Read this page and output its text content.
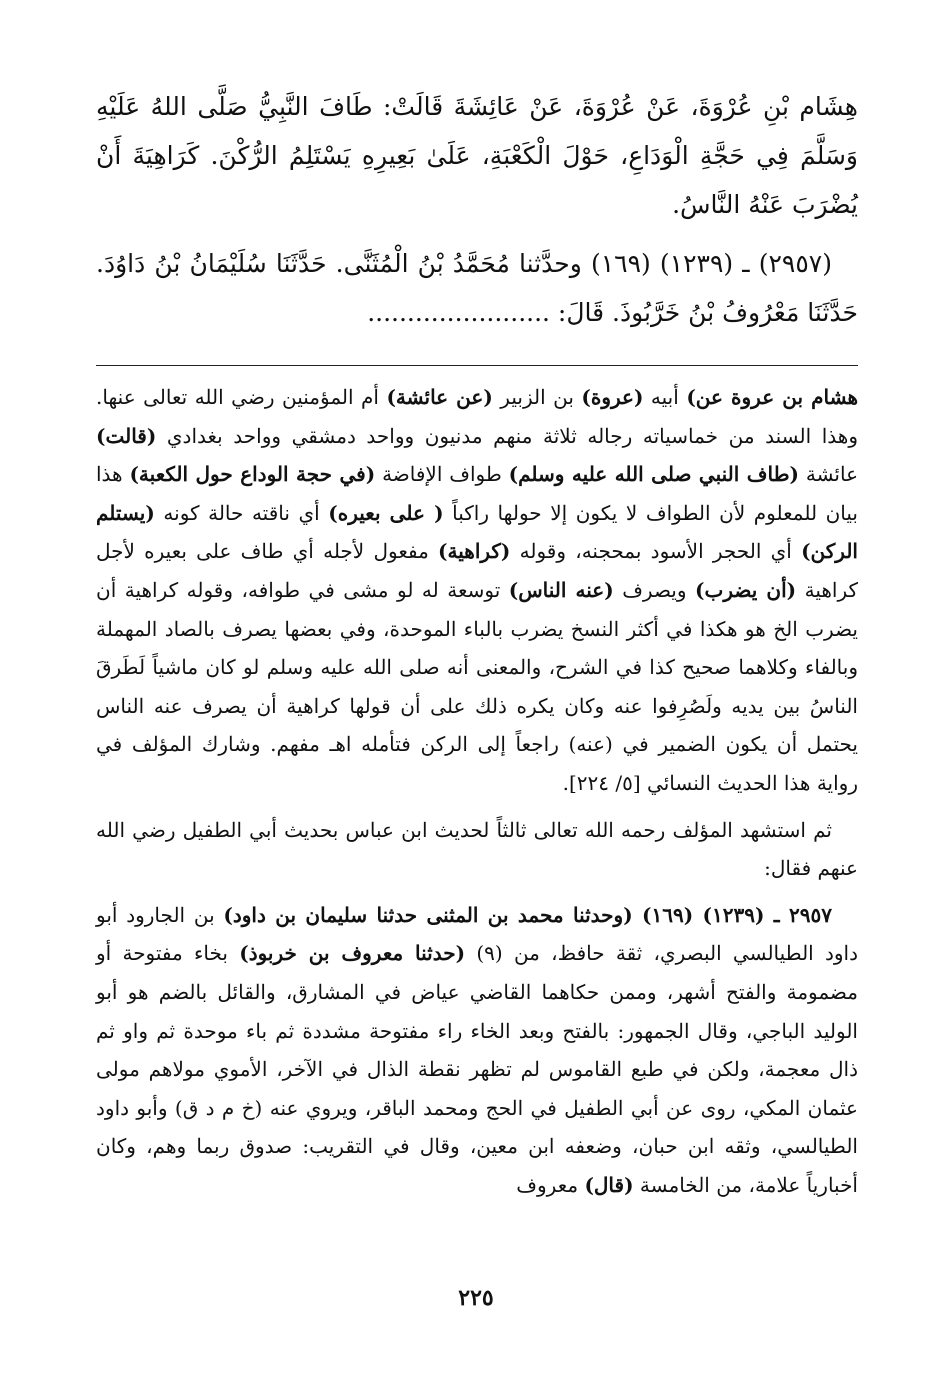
هِشَام بْنِ عُرْوَةَ، عَنْ عُرْوَةَ، عَنْ عَائِشَةَ قَالَتْ: طَافَ النَّبِيُّ صَلَّى اللهُ عَلَيْهِ وَسَلَّمَ فِي حَجَّةِ الْوَدَاعِ، حَوْلَ الْكَعْبَةِ، عَلَىٰ بَعِيرِهِ يَسْتَلِمُ الرُّكْنَ. كَرَاهِيَةَ أَنْ يُضْرَبَ عَنْهُ النَّاسُ.

(٢٩٥٧) ـ (١٢٣٩) (١٦٩) وحدَّثنا مُحَمَّدُ بْنُ الْمُثَنَّى. حَدَّثَنَا سُلَيْمَانُ بْنُ دَاوُدَ. حَدَّثَنَا مَعْرُوفُ بْنُ خَرَّبُوذَ. قَالَ: .......................

هشام بن عروة عن) أبيه (عروة) بن الزبير (عن عائشة) أم المؤمنين رضي الله تعالى عنها. وهذا السند من خماسياته رجاله ثلاثة منهم مدنيون وواحد دمشقي وواحد بغدادي (قالت) عائشة (طاف النبي صلى الله عليه وسلم) طواف الإفاضة (في حجة الوداع حول الكعبة) هذا بيان للمعلوم لأن الطواف لا يكون إلا حولها راكباً ( على بعيره) أي ناقته حالة كونه (يستلم الركن) أي الحجر الأسود بمحجنه، وقوله (كراهية) مفعول لأجله أي طاف على بعيره لأجل كراهية (أن يضرب) ويصرف (عنه الناس) توسعة له لو مشى في طوافه، وقوله كراهية أن يضرب الخ هو هكذا في أكثر النسخ يضرب بالباء الموحدة، وفي بعضها يصرف بالصاد المهملة وبالفاء وكلاهما صحيح كذا في الشرح، والمعنى أنه صلى الله عليه وسلم لو كان ماشياً لَطَرقَ الناسُ بين يديه ولَصُرِفوا عنه وكان يكره ذلك على أن قولها كراهية أن يصرف عنه الناس يحتمل أن يكون الضمير في (عنه) راجعاً إلى الركن فتأمله اهـ مفهم. وشارك المؤلف في رواية هذا الحديث النسائي [٥/ ٢٢٤].

ثم استشهد المؤلف رحمه الله تعالى ثالثاً لحديث ابن عباس بحديث أبي الطفيل رضي الله عنهم فقال:

٢٩٥٧ ـ (١٢٣٩) (١٦٩) (وحدثنا محمد بن المثنى حدثنا سليمان بن داود) بن الجارود أبو داود الطيالسي البصري، ثقة حافظ، من (٩) (حدثنا معروف بن خربوذ) بخاء مفتوحة أو مضمومة والفتح أشهر، وممن حكاهما القاضي عياض في المشارق، والقائل بالضم هو أبو الوليد الباجي، وقال الجمهور: بالفتح وبعد الخاء راء مفتوحة مشددة ثم باء موحدة ثم واو ثم ذال معجمة، ولكن في طبع القاموس لم تظهر نقطة الذال في الآخر، الأموي مولاهم مولى عثمان المكي، روى عن أبي الطفيل في الحج ومحمد الباقر، ويروي عنه (خ م د ق) وأبو داود الطيالسي، وثقه ابن حبان، وضعفه ابن معين، وقال في التقريب: صدوق ربما وهم، وكان أخبارياً علامة، من الخامسة (قال) معروف

٢٢٥
